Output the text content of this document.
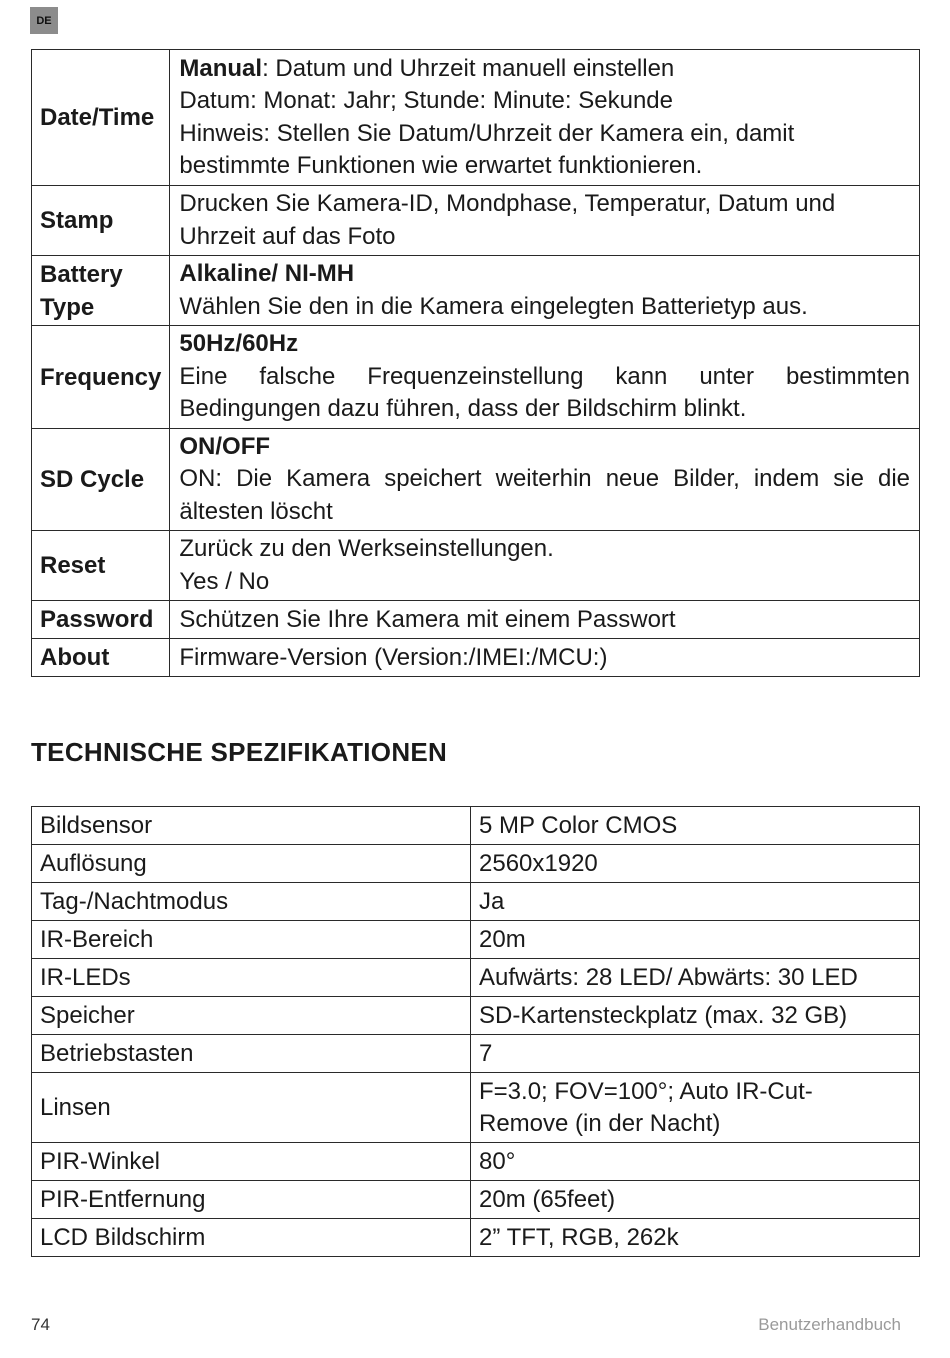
DE
Date/Time	Manual: Datum und Uhrzeit manuell einstellen
Datum: Monat: Jahr; Stunde: Minute: Sekunde
Hinweis: Stellen Sie Datum/Uhrzeit der Kamera ein, damit bestimmte Funktionen wie erwartet funktionieren.

Stamp	Drucken Sie Kamera-ID, Mondphase, Temperatur, Datum und Uhrzeit auf das Foto

Battery Type	Alkaline/ NI-MH
Wählen Sie den in die Kamera eingelegten Batterietyp aus.

Frequency	50Hz/60Hz
Eine falsche Frequenzeinstellung kann unter bestimmten Bedingungen dazu führen, dass der Bildschirm blinkt.

SD Cycle	ON/OFF
ON: Die Kamera speichert weiterhin neue Bilder, indem sie die ältesten löscht

Reset	Zurück zu den Werkseinstellungen.
Yes / No

Password	Schützen Sie Ihre Kamera mit einem Passwort

About	Firmware-Version (Version:/IMEI:/MCU:)
TECHNISCHE SPEZIFIKATIONEN
Bildsensor	5 MP Color CMOS
Auflösung	2560x1920
Tag-/Nachtmodus	Ja
IR-Bereich	20m
IR-LEDs	Aufwärts: 28 LED/ Abwärts: 30 LED
Speicher	SD-Kartensteckplatz (max. 32 GB)
Betriebstasten	7
Linsen	F=3.0; FOV=100°; Auto IR-Cut-Remove (in der Nacht)

PIR-Winkel	80°
PIR-Entfernung	20m (65feet)
LCD Bildschirm	2” TFT, RGB, 262k
74	Benutzerhandbuch
